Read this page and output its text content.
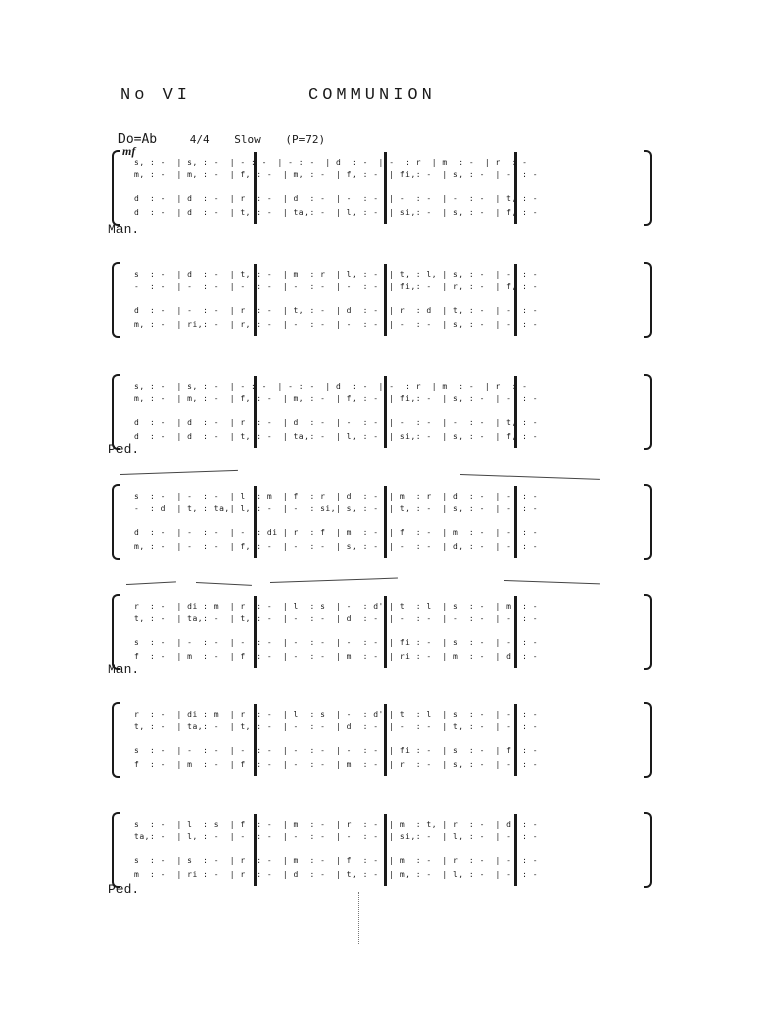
No VI	COMMUNION
Do=Ab	4/4 Slow (P=72)
mf
s, : -  | s, : -  | - : -  | - : -  | d  : -  | -  : r  | m  : -  | r  : -
m, : -  | m, : -  | f, : -  | m, : -  | f, : -  | fi,: -  | s, : -  | -  : -
d  : -  | d  : -  | r  : -  | d  : -  | -  : -  | -  : -  | -  : -  | t, : -
d  : -  | d  : -  | t, : -  | ta,: -  | l, : -  | si,: -  | s, : -  | f, : -
s  : -  | d  : -  | t, : -  | m  : r  | l, : -  | t, : l, | s, : -  | -  : -
-  : -  | -  : -  | -  : -  | -  : -  | -  : -  | fi,: -  | r, : -  | f, : -
d  : -  | -  : -  | r  : -  | t, : -  | d  : -  | r  : d  | t, : -  | -  : -
m, : -  | ri,: -  | r, : -  | -  : -  | -  : -  | -  : -  | s, : -  | -  : -
s, : -  | s, : -  | - : -  | - : -  | d  : -  | -  : r  | m  : -  | r  : -
m, : -  | m, : -  | f, : -  | m, : -  | f, : -  | fi,: -  | s, : -  | -  : -
d  : -  | d  : -  | r  : -  | d  : -  | -  : -  | -  : -  | -  : -  | t, : -
d  : -  | d  : -  | t, : -  | ta,: -  | l, : -  | si,: -  | s, : -  | f, : -
s  : -  | -  : -  | l  : m  | f  : r  | d  : -  | m  : r  | d  : -  | -  : -
-  : d  | t, : ta,| l, : -  | -  : si,| s, : -  | t, : -  | s, : -  | -  : -
d  : -  | -  : -  | -  : di | r  : f  | m  : -  | f  : -  | m  : -  | -  : -
m, : -  | -  : -  | f, : -  | -  : -  | s, : -  | -  : -  | d, : -  | -  : -
r  : -  | di : m  | r  : -  | l  : s  | -  : d' | t  : l  | s  : -  | m  : -
t, : -  | ta,: -  | t, : -  | -  : -  | d  : -  | -  : -  | -  : -  | -  : -
s  : -  | -  : -  | -  : -  | -  : -  | -  : -  | fi : -  | s  : -  | -  : -
f  : -  | m  : -  | f  : -  | -  : -  | m  : -  | ri : -  | m  : -  | d  : -
r  : -  | di : m  | r  : -  | l  : s  | -  : d' | t  : l  | s  : -  | -  : -
t, : -  | ta,: -  | t, : -  | -  : -  | d  : -  | -  : -  | t, : -  | -  : -
s  : -  | -  : -  | -  : -  | -  : -  | -  : -  | fi : -  | s  : -  | f  : -
f  : -  | m  : -  | f  : -  | -  : -  | m  : -  | r  : -  | s, : -  | -  : -
s  : -  | l  : s  | f  : -  | m  : -  | r  : -  | m  : t, | r  : -  | d  : -
ta,: -  | l, : -  | -  : -  | -  : -  | -  : -  | si,: -  | l, : -  | -  : -
s  : -  | s  : -  | r  : -  | m  : -  | f  : -  | m  : -  | r  : -  | -  : -
m  : -  | ri : -  | r  : -  | d  : -  | t, : -  | m, : -  | l, : -  | -  : -
Man.
Ped.
Man.
Ped.
